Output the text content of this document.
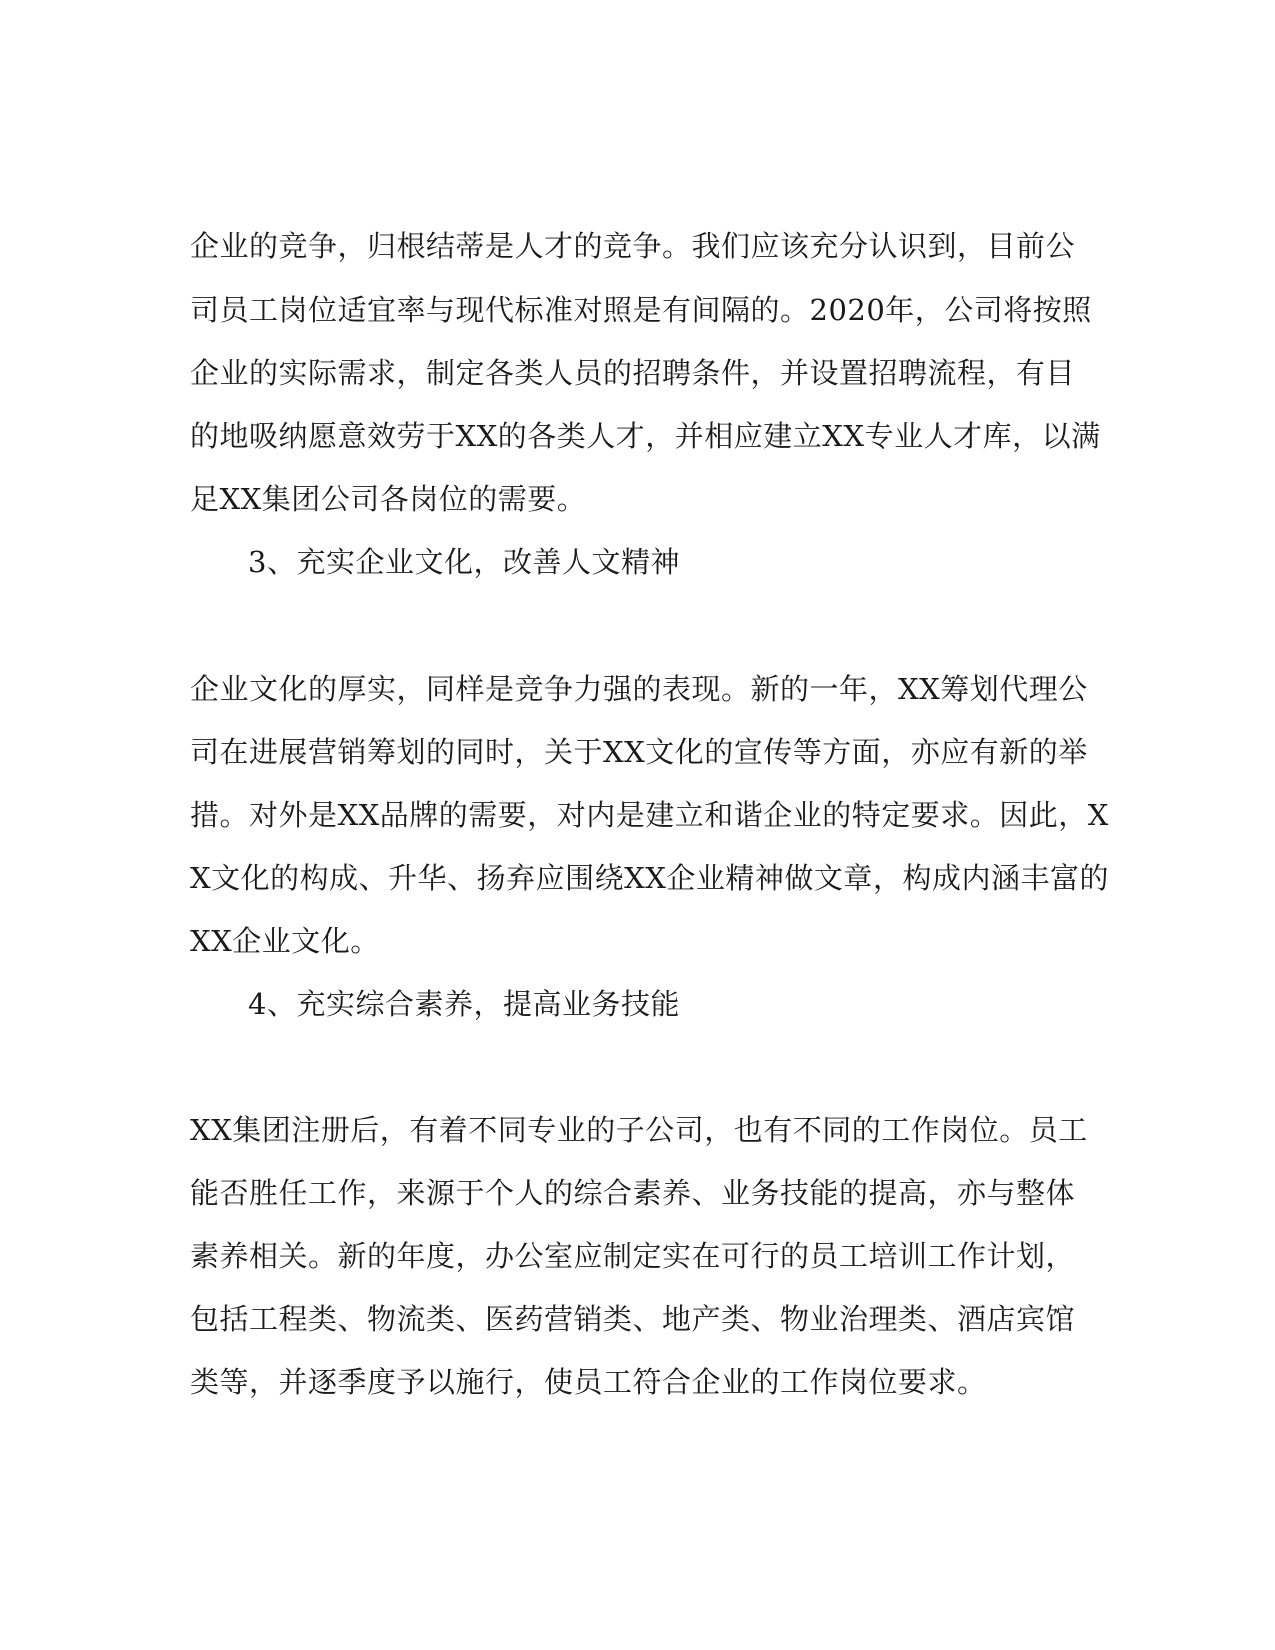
企业的竞争，归根结蒂是人才的竞争。我们应该充分认识到，目前公
司员工岗位适宜率与现代标准对照是有间隔的。2020年，公司将按照
企业的实际需求，制定各类人员的招聘条件，并设置招聘流程，有目
的地吸纳愿意效劳于XX的各类人才，并相应建立XX专业人才库，以满
足XX集团公司各岗位的需要。
3、充实企业文化，改善人文精神
企业文化的厚实，同样是竞争力强的表现。新的一年，XX筹划代理公
司在进展营销筹划的同时，关于XX文化的宣传等方面，亦应有新的举
措。对外是XX品牌的需要，对内是建立和谐企业的特定要求。因此，X
X文化的构成、升华、扬弃应围绕XX企业精神做文章，构成内涵丰富的
XX企业文化。
4、充实综合素养，提高业务技能
XX集团注册后，有着不同专业的子公司，也有不同的工作岗位。员工
能否胜任工作，来源于个人的综合素养、业务技能的提高，亦与整体
素养相关。新的年度，办公室应制定实在可行的员工培训工作计划，
包括工程类、物流类、医药营销类、地产类、物业治理类、酒店宾馆
类等，并逐季度予以施行，使员工符合企业的工作岗位要求。
